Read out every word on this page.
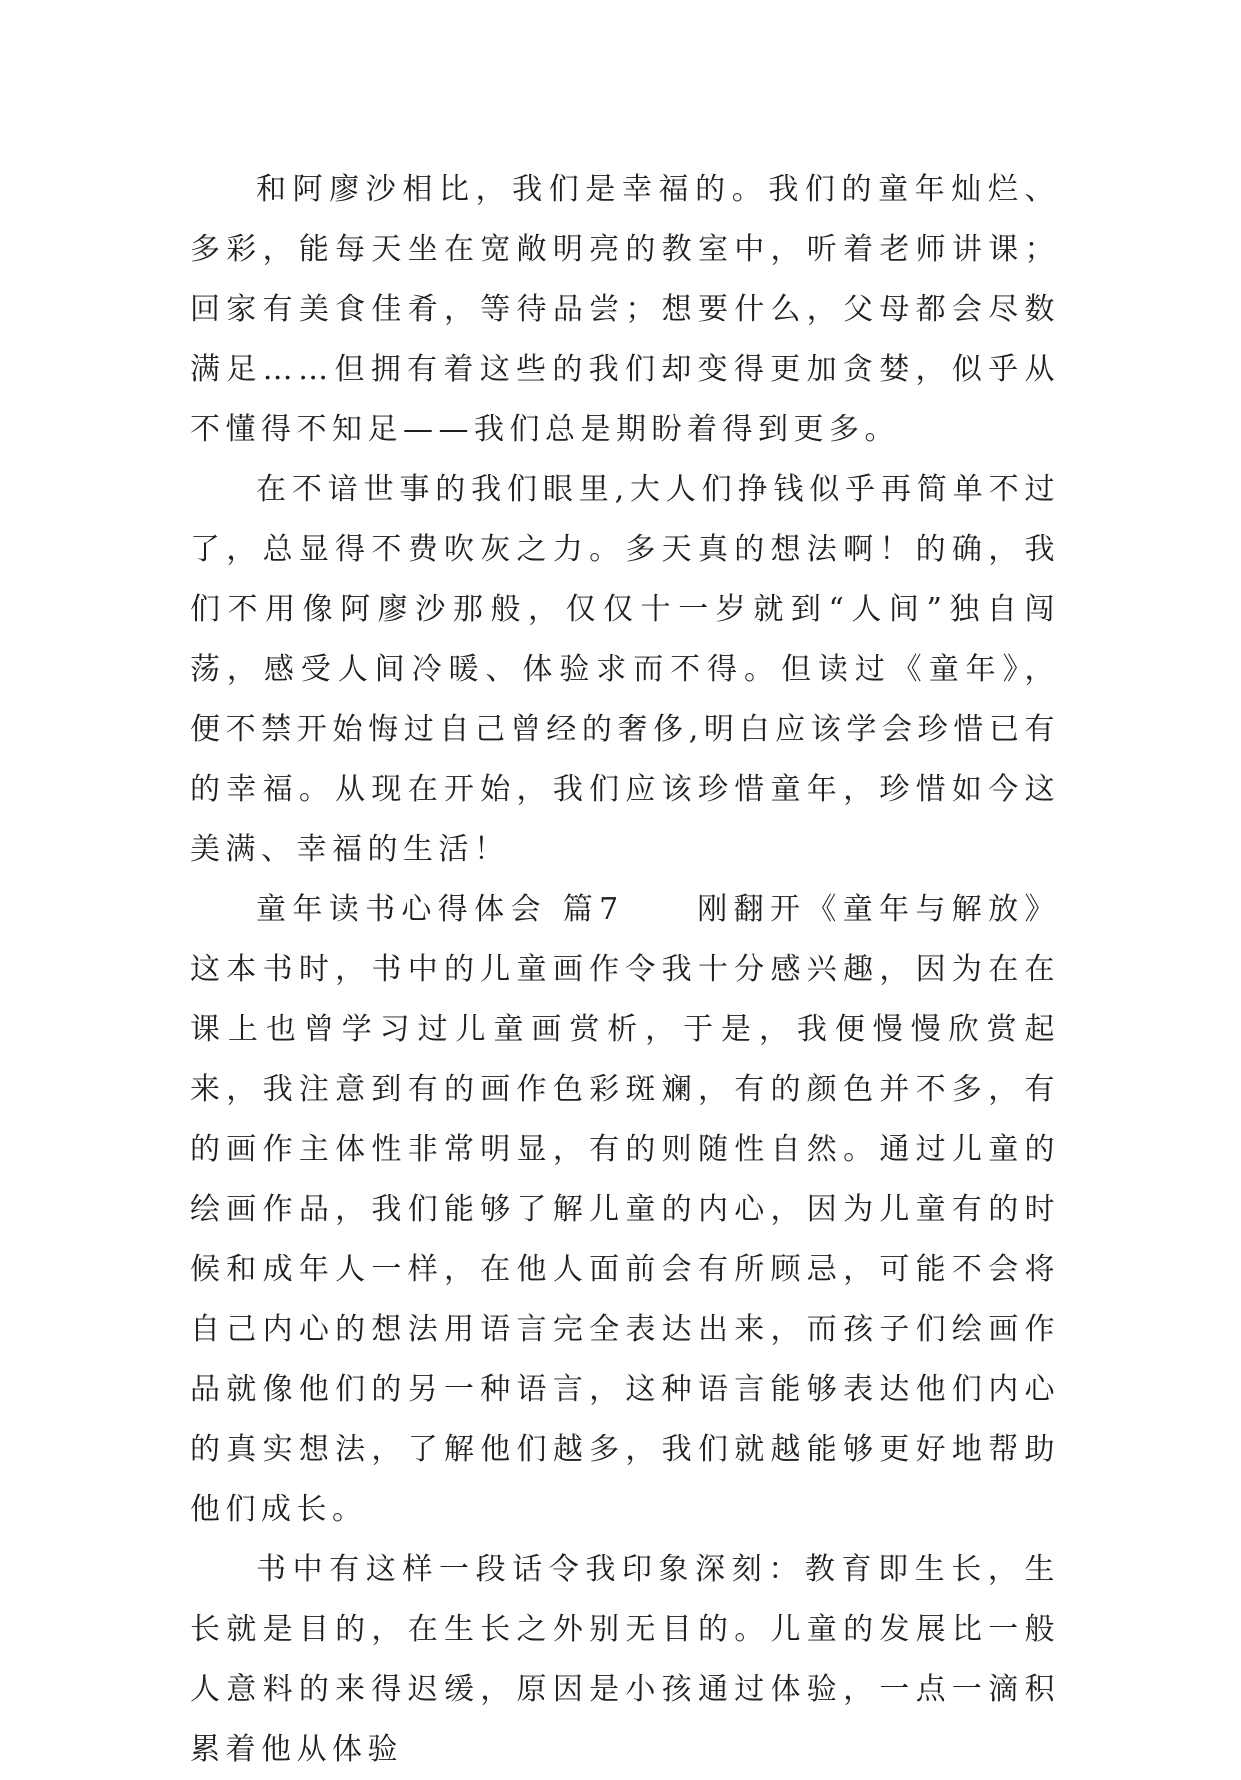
和阿廖沙相比，我们是幸福的。我们的童年灿烂、多彩，能每天坐在宽敞明亮的教室中，听着老师讲课；回家有美食佳肴，等待品尝；想要什么，父母都会尽数满足……但拥有着这些的我们却变得更加贪婪，似乎从不懂得不知足——我们总是期盼着得到更多。

在不谙世事的我们眼里,大人们挣钱似乎再简单不过了，总显得不费吹灰之力。多天真的想法啊！的确，我们不用像阿廖沙那般，仅仅十一岁就到“人间”独自闯荡，感受人间冷暖、体验求而不得。但读过《童年》，便不禁开始悔过自己曾经的奢侈,明白应该学会珍惜已有的幸福。从现在开始，我们应该珍惜童年，珍惜如今这美满、幸福的生活！

童年读书心得体会 篇7　　刚翻开《童年与解放》这本书时，书中的儿童画作令我十分感兴趣，因为在在课上也曾学习过儿童画赏析，于是，我便慢慢欣赏起来，我注意到有的画作色彩斑斓，有的颜色并不多，有的画作主体性非常明显，有的则随性自然。通过儿童的绘画作品，我们能够了解儿童的内心，因为儿童有的时候和成年人一样，在他人面前会有所顾忌，可能不会将自己内心的想法用语言完全表达出来，而孩子们绘画作品就像他们的另一种语言，这种语言能够表达他们内心的真实想法，了解他们越多，我们就越能够更好地帮助他们成长。

书中有这样一段话令我印象深刻：教育即生长，生长就是目的，在生长之外别无目的。儿童的发展比一般人意料的来得迟缓，原因是小孩通过体验，一点一滴积累着他从体验
